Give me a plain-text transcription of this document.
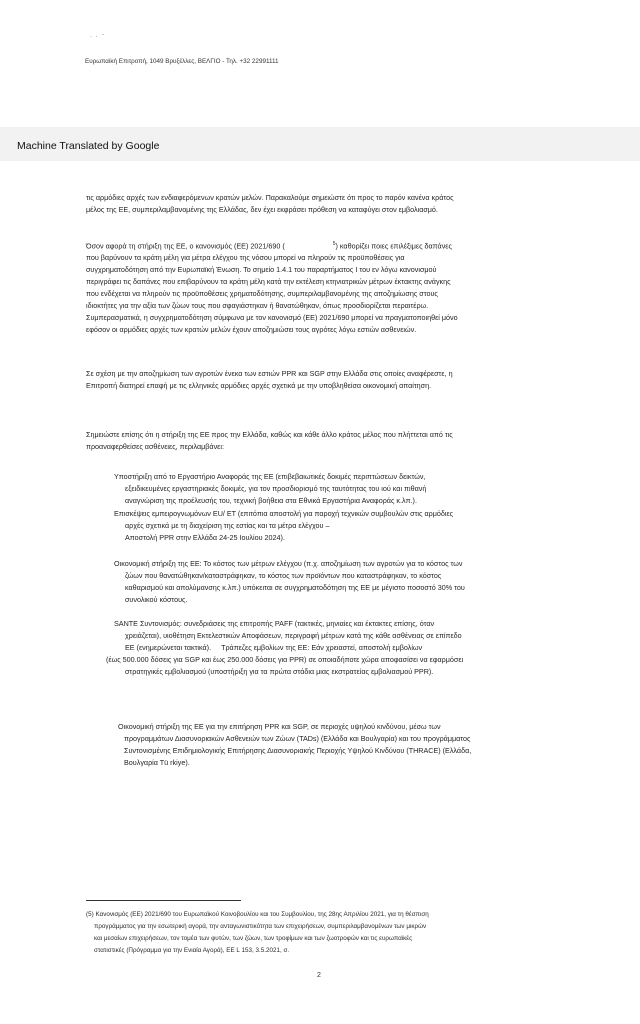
· · ⁻
Ευρωπαϊκή Επιτροπή, 1049 Βρυξέλλες, ΒΕΛΓΙΟ - Τηλ. +32 22991111
Machine Translated by Google

τις αρμόδιες αρχές των ενδιαφερόμενων κρατών μελών. Παρακαλούμε σημειώστε ότι προς το παρόν κανένα κράτος

μέλος της ΕΕ, συμπεριλαμβανομένης της Ελλάδας, δεν έχει εκφράσει πρόθεση να καταφύγει στον εμβολιασμό.

Όσον αφορά τη στήριξη της ΕΕ, ο κανονισμός (ΕΕ) 2021/690 (	$^5$) καθορίζει ποιες επιλέξιμες δαπάνες

που βαρύνουν τα κράτη μέλη για μέτρα ελέγχου της νόσου μπορεί να πληρούν τις προϋποθέσεις για

συγχρηματοδότηση από την Ευρωπαϊκή Ένωση. Το σημείο 1.4.1 του παραρτήματος I του εν λόγω κανονισμού

περιγράφει τις δαπάνες που επιβαρύνουν τα κράτη μέλη κατά την εκτέλεση κτηνιατρικών μέτρων έκτακτης ανάγκης

που ενδέχεται να πληρούν τις προϋποθέσεις χρηματοδότησης, συμπεριλαμβανομένης της αποζημίωσης στους

ιδιοκτήτες για την αξία των ζώων τους που σφαγιάστηκαν ή θανατώθηκαν, όπως προσδιορίζεται περαιτέρω.

Συμπερασματικά, η συγχρηματοδότηση σύμφωνα με τον κανονισμό (ΕΕ) 2021/690 μπορεί να πραγματοποιηθεί μόνο

εφόσον οι αρμόδιες αρχές των κρατών μελών έχουν αποζημιώσει τους αγρότες λόγω εστιών ασθενειών.

Σε σχέση με την αποζημίωση των αγροτών ένεκα των εστιών PPR και SGP στην Ελλάδα στις οποίες αναφέρεστε, η

Επιτροπή διατηρεί επαφή με τις ελληνικές αρμόδιες αρχές σχετικά με την υποβληθείσα οικονομική απαίτηση.

Σημειώστε επίσης ότι η στήριξη της ΕΕ προς την Ελλάδα, καθώς και κάθε άλλο κράτος μέλος που πλήττεται από τις

προαναφερθείσες ασθένειες, περιλαμβάνει:

Υποστήριξη από το Εργαστήριο Αναφοράς της ΕΕ (επιβεβαιωτικές δοκιμές περιπτώσεων δεικτών,

εξειδικευμένες εργαστηριακές δοκιμές, για τον προσδιορισμό της ταυτότητας του ιού και πιθανή

αναγνώριση της προέλευσής του, τεχνική βοήθεια στα Εθνικά Εργαστήρια Αναφοράς κ.λπ.).

Επισκέψεις εμπειρογνωμόνων EU/ ET (επιτόπια αποστολή για παροχή τεχνικών συμβουλών στις αρμόδιες

αρχές σχετικά με τη διαχείριση της εστίας και τα μέτρα ελέγχου –

Αποστολή PPR στην Ελλάδα 24-25 Ιουλίου 2024).

Οικονομική στήριξη της ΕΕ: Το κόστος των μέτρων ελέγχου (π.χ. αποζημίωση των αγροτών για το κόστος των

ζώων που θανατώθηκαν/καταστράφηκαν, το κόστος των προϊόντων που καταστράφηκαν, το κόστος

καθαρισμού και απολύμανσης κ.λπ.) υπόκειται σε συγχρηματοδότηση της ΕΕ με μέγιστο ποσοστό 30% του

συνολικού κόστους.

SANTE Συντονισμός: συνεδριάσεις της επιτροπής PAFF (τακτικές, μηνιαίες και έκτακτες επίσης, όταν

χρειάζεται), υιοθέτηση Εκτελεστικών Αποφάσεων, περιγραφή μέτρων κατά της κάθε ασθένειας σε επίπεδο

ΕΕ (ενημερώνεται τακτικά). Τράπεζες εμβολίων της ΕΕ: Εάν χρειαστεί, αποστολή εμβολίων

(έως 500.000 δόσεις για SGP και έως 250.000 δόσεις για PPR) σε οποιαδήποτε χώρα αποφασίσει να εφαρμόσει

στρατηγικές εμβολιασμού (υποστήριξη για τα πρώτα στάδια μιας εκστρατείας εμβολιασμού PPR).

Οικονομική στήριξη της ΕΕ για την επιτήρηση PPR και SGP, σε περιοχές υψηλού κινδύνου, μέσω των

προγραμμάτων Διασυνοριακών Ασθενειών των Ζώων (TADs) (Ελλάδα και Βουλγαρία) και του προγράμματος

Συντονισμένης Επιδημιολογικής Επιτήρησης Διασυνοριακής Περιοχής Υψηλού Κινδύνου (THRACE) (Ελλάδα,

Βουλγαρία Τü rkiye).

(5) Κανονισμός (ΕΕ) 2021/690 του Ευρωπαϊκού Κοινοβουλίου και του Συμβουλίου, της 28ης Απριλίου 2021, για τη θέσπιση

προγράμματος για την εσωτερική αγορά, την ανταγωνιστικότητα των επιχειρήσεων, συμπεριλαμβανομένων των μικρών

και μεσαίων επιχειρήσεων, τον τομέα των φυτών, των ζώων, των τροφίμων και των ζωοτροφών και τις ευρωπαϊκές

στατιστικές (Πρόγραμμα για την Ενιαία Αγορά), ΕΕ L 153, 3.5.2021, σ.

2
